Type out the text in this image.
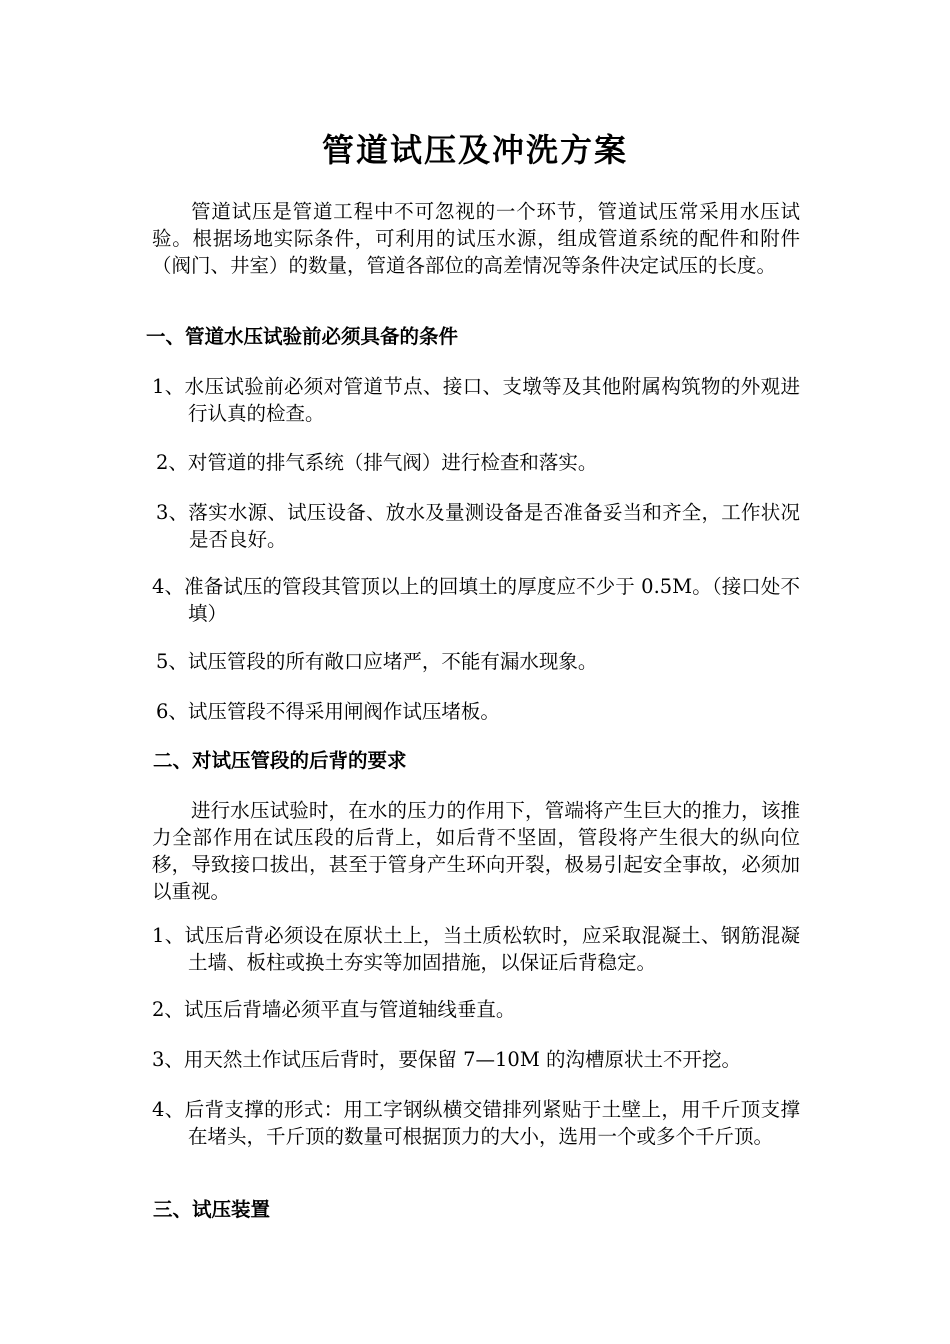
管道试压及冲洗方案
管道试压是管道工程中不可忽视的一个环节，管道试压常采用水压试验。根据场地实际条件，可利用的试压水源，组成管道系统的配件和附件（阀门、井室）的数量，管道各部位的高差情况等条件决定试压的长度。
一、管道水压试验前必须具备的条件
1、水压试验前必须对管道节点、接口、支墩等及其他附属构筑物的外观进行认真的检查。
2、对管道的排气系统（排气阀）进行检查和落实。
3、落实水源、试压设备、放水及量测设备是否准备妥当和齐全，工作状况是否良好。
4、准备试压的管段其管顶以上的回填土的厚度应不少于 0.5M。（接口处不填）
5、试压管段的所有敞口应堵严，不能有漏水现象。
6、试压管段不得采用闸阀作试压堵板。
二、对试压管段的后背的要求
进行水压试验时，在水的压力的作用下，管端将产生巨大的推力，该推力全部作用在试压段的后背上，如后背不坚固，管段将产生很大的纵向位移，导致接口拔出，甚至于管身产生环向开裂，极易引起安全事故，必须加以重视。
1、试压后背必须设在原状土上，当土质松软时，应采取混凝土、钢筋混凝土墙、板柱或换土夯实等加固措施，以保证后背稳定。
2、试压后背墙必须平直与管道轴线垂直。
3、用天然土作试压后背时，要保留 7—10M 的沟槽原状土不开挖。
4、后背支撑的形式：用工字钢纵横交错排列紧贴于土壁上，用千斤顶支撑在堵头，千斤顶的数量可根据顶力的大小，选用一个或多个千斤顶。
三、试压装置
